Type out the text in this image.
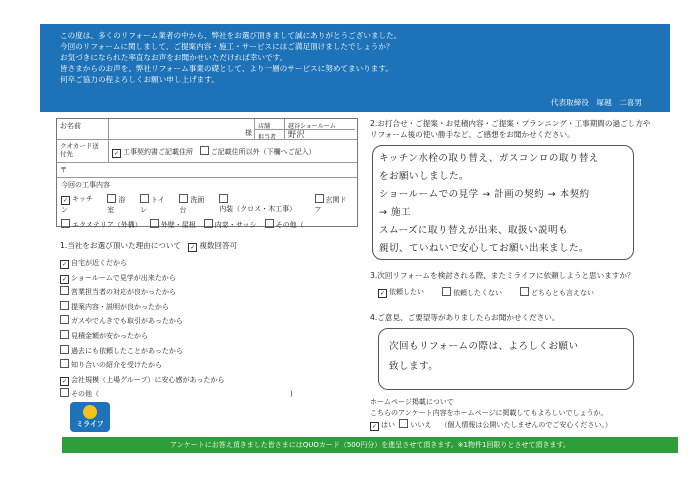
この度は、多くのリフォーム業者の中から、弊社をお選び頂きまして誠にありがとうございました。
今回のリフォームに関しまして、ご提案内容・施工・サービスにはご満足頂けましたでしょうか？
お気づきになられた率直なお声をお聞かせいただければ幸いです。
皆さまからのお声を、弊社リフォーム事業の礎として、より一層のサービスに努めてまいります。
何卒ご協力の程よろしくお願い申し上げます。
代表取締役　塚越　二喜男
お名前
様
店舗	越谷ショールーム
担当者	野沢
クオカード送付先	✓ 工事契約書ご記載住所	ご記載住所以外（下欄へご記入）
〒
今回の工事内容
✓ キッチン
浴室
トイレ
洗面台	内装（クロス・木工事）
玄関ドア
エクステリア（外構）	外壁・屋根	内窓・サッシ	その他（
1.当社をお選び頂いた理由について ✓ 複数回答可
✓ 自宅が近くだから
✓ ショールームで見学が出来たから
営業担当者の対応が良かったから
提案内容・説明が良かったから
ガスやでんきでも取引があったから
見積金額が安かったから
過去にも依頼したことがあったから
知り合いの紹介を受けたから
✓ 会社規模（上場グループ）に安心感があったから
その他（	)
ミライフ
2.お打合せ・ご提案・お見積内容・ご提案・プランニング・工事期間の過ごし方や
リフォーム後の使い勝手など、ご感想をお聞かせください。
キッチン水栓の取り替え、ガスコンロの取り替え
をお願いしました。
ショールームでの見学 → 計画の契約 → 本契約
→ 施工
スムーズに取り替えが出来、取扱い説明も
親切、ていねいで安心してお願い出来ました。
3.次回リフォームを検討される際、またミライフに依頼しようと思いますか？
✓ 依頼したい	依頼したくない	どちらとも言えない
4.ご意見、ご要望等がありましたらお聞かせください。
次回もリフォームの際は、よろしくお願い
致します。
ホームページ掲載について
こちらのアンケート内容をホームページに掲載してもよろしいでしょうか。
✓ はい いいえ （個人情報は公開いたしませんのでご安心ください。）
アンケートにお答え頂きました皆さまにはQUOカード（500円分）を進呈させて頂きます。※1物件1回限りとさせて頂きます。
